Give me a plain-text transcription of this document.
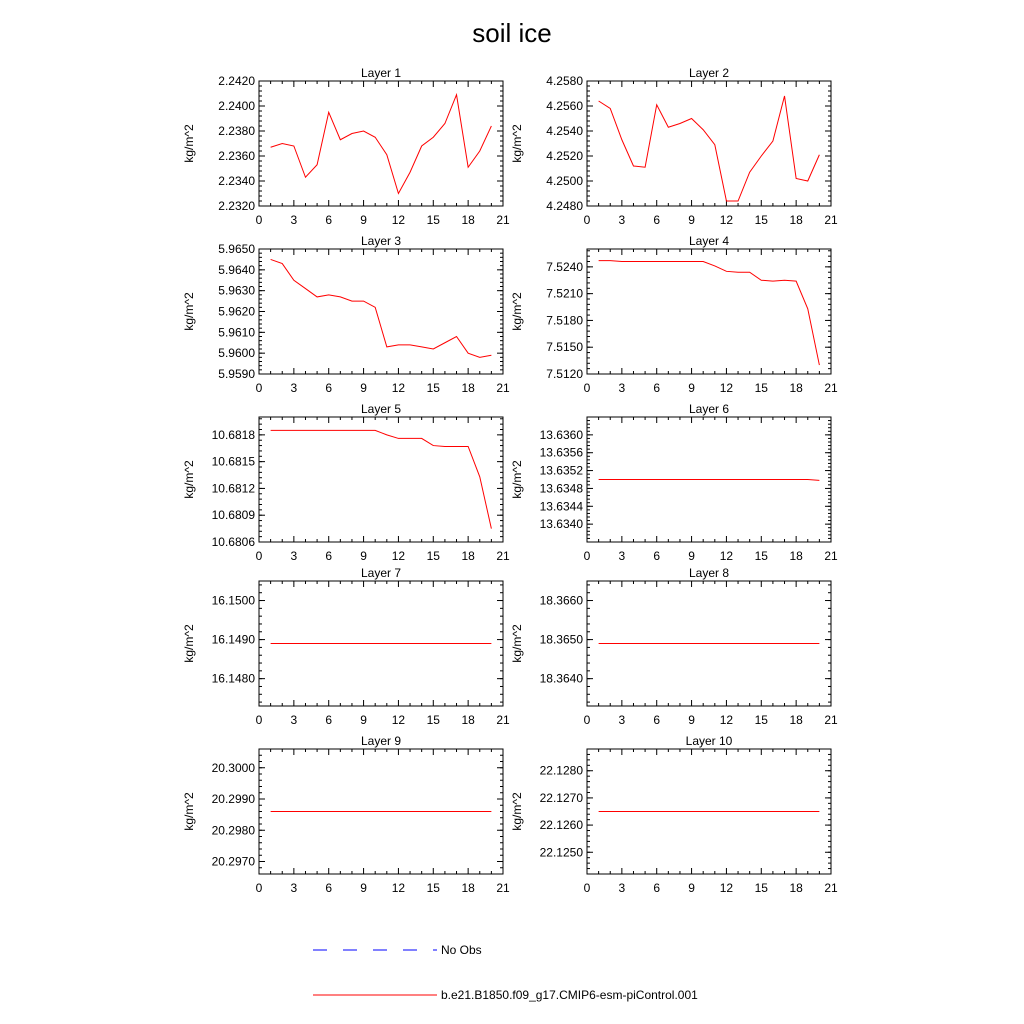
soil ice
Layer 1
kg/m^2
0 3 6 9 12 15 18 21
2.2320
2.2340
2.2360
2.2380
2.2400
2.2420
Layer 2
kg/m^2
0 3 6 9 12 15 18 21
4.2480
4.2500
4.2520
4.2540
4.2560
4.2580
Layer 3
kg/m^2
0 3 6 9 12 15 18 21
5.9590
5.9600
5.9610
5.9620
5.9630
5.9640
5.9650
Layer 4
kg/m^2
0 3 6 9 12 15 18 21
7.5120
7.5150
7.5180
7.5210
7.5240
Layer 5
kg/m^2
0 3 6 9 12 15 18 21
10.6806
10.6809
10.6812
10.6815
10.6818
Layer 6
kg/m^2
0 3 6 9 12 15 18 21
13.6340
13.6344
13.6348
13.6352
13.6356
13.6360
Layer 7
kg/m^2
0 3 6 9 12 15 18 21
16.1480
16.1490
16.1500
Layer 8
kg/m^2
0 3 6 9 12 15 18 21
18.3640
18.3650
18.3660
Layer 9
kg/m^2
0 3 6 9 12 15 18 21
20.2970
20.2980
20.2990
20.3000
Layer 10
kg/m^2
0 3 6 9 12 15 18 21
22.1250
22.1260
22.1270
22.1280
No Obs
b.e21.B1850.f09_g17.CMIP6-esm-piControl.001
